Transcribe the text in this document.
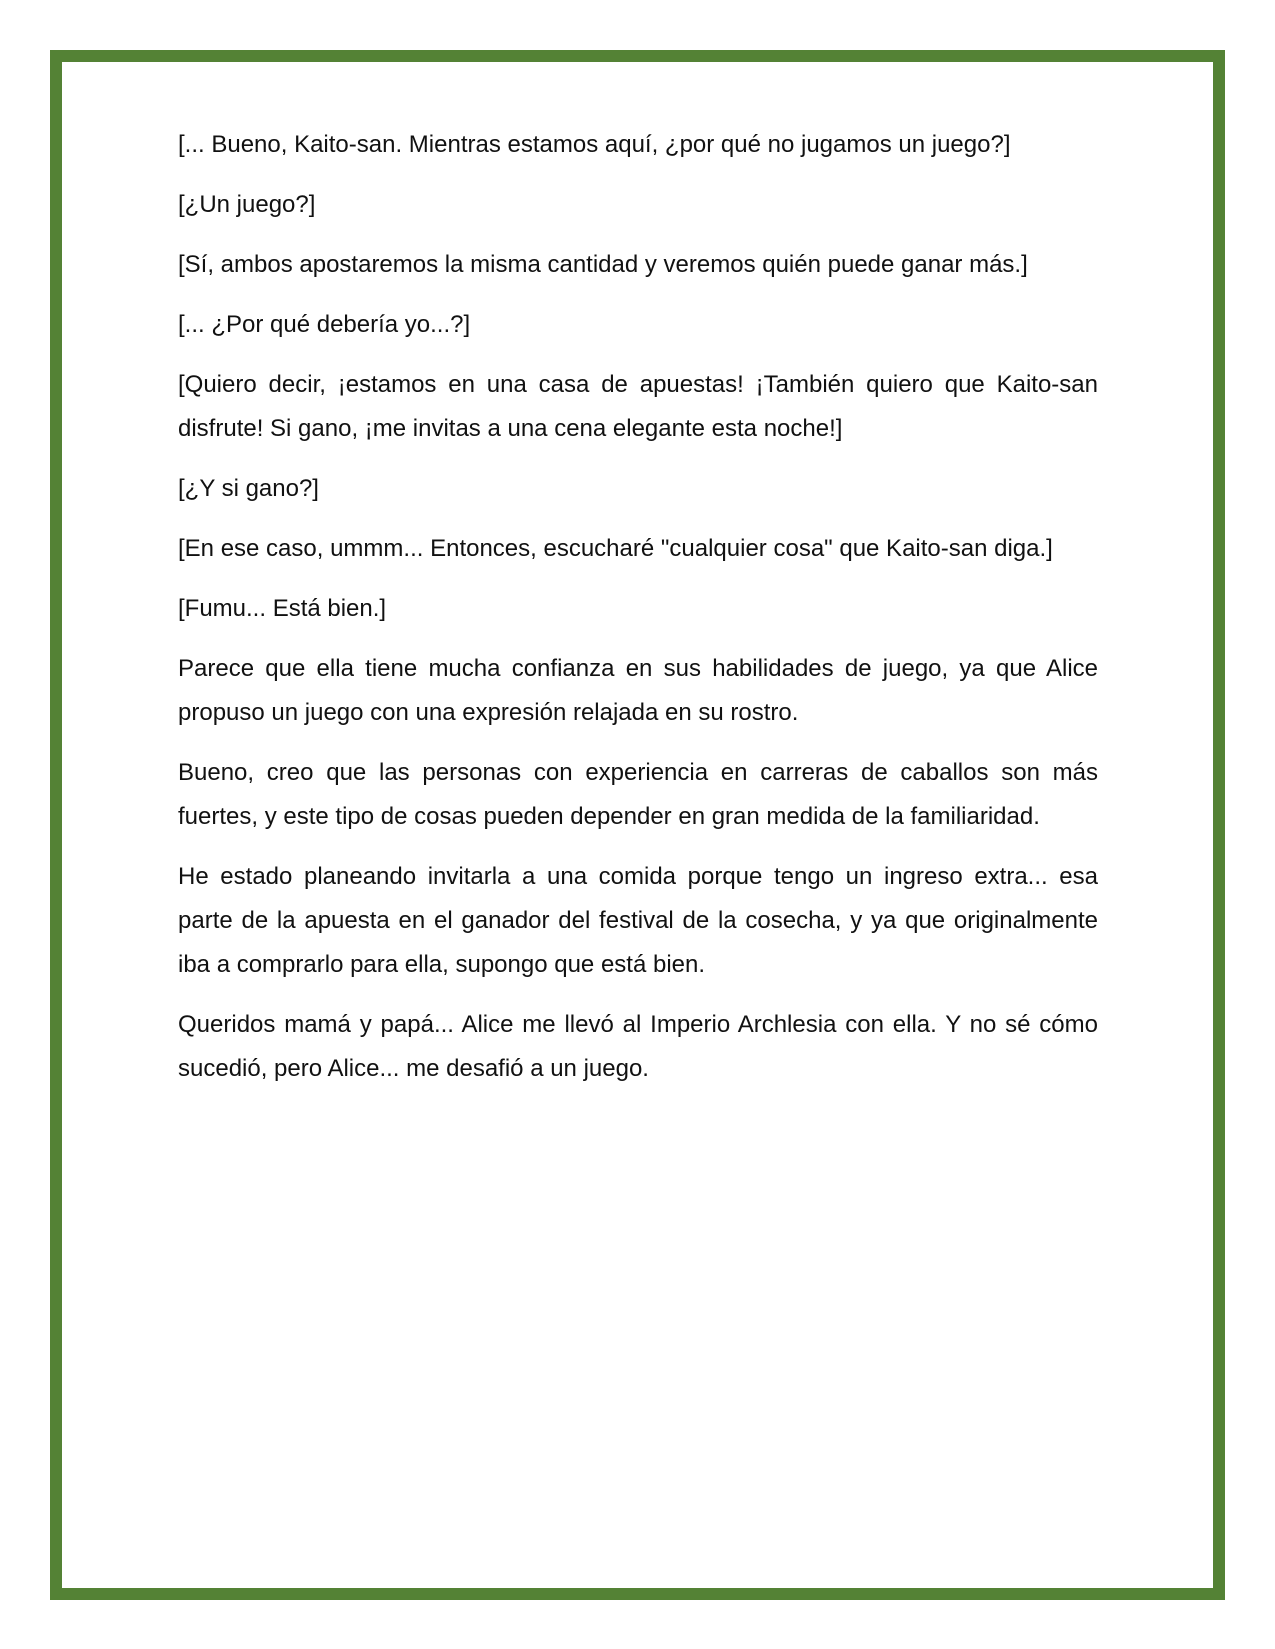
[... Bueno, Kaito-san. Mientras estamos aquí, ¿por qué no jugamos un juego?]

[¿Un juego?]

[Sí, ambos apostaremos la misma cantidad y veremos quién puede ganar más.]

[... ¿Por qué debería yo...?]

[Quiero decir, ¡estamos en una casa de apuestas! ¡También quiero que Kaito-san disfrute! Si gano, ¡me invitas a una cena elegante esta noche!]

[¿Y si gano?]

[En ese caso, ummm... Entonces, escucharé "cualquier cosa" que Kaito-san diga.]

[Fumu... Está bien.]

Parece que ella tiene mucha confianza en sus habilidades de juego, ya que Alice propuso un juego con una expresión relajada en su rostro.

Bueno, creo que las personas con experiencia en carreras de caballos son más fuertes, y este tipo de cosas pueden depender en gran medida de la familiaridad.

He estado planeando invitarla a una comida porque tengo un ingreso extra... esa parte de la apuesta en el ganador del festival de la cosecha, y ya que originalmente iba a comprarlo para ella, supongo que está bien.

Queridos mamá y papá... Alice me llevó al Imperio Archlesia con ella. Y no sé cómo sucedió, pero Alice... me desafió a un juego.
